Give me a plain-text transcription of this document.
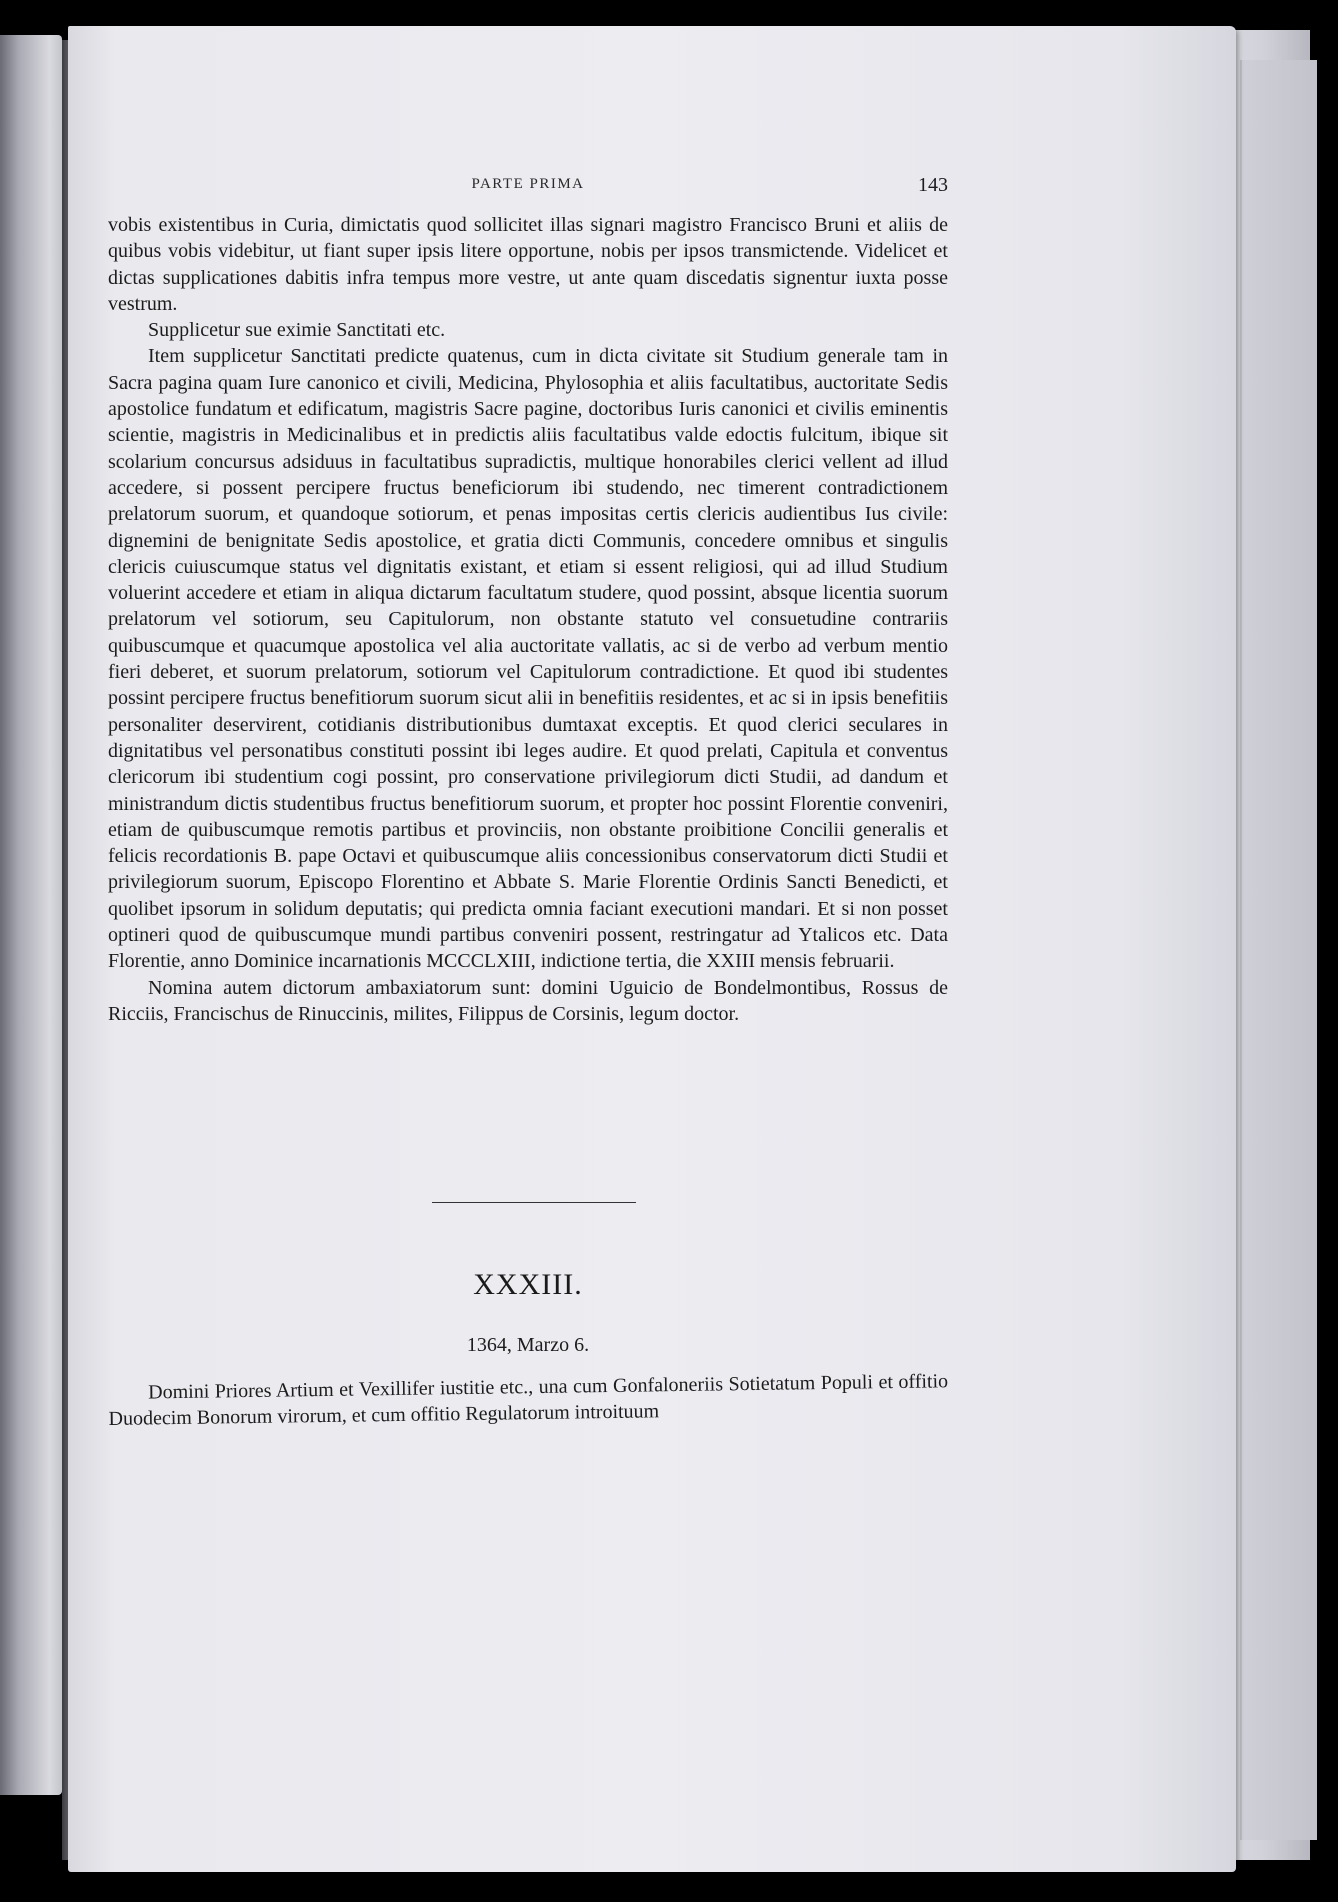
PARTE PRIMA	143

vobis existentibus in Curia, dimictatis quod sollicitet illas signari magistro Francisco Bruni et aliis de quibus vobis videbitur, ut fiant super ipsis litere opportune, nobis per ipsos transmictende. Videlicet et dictas supplicationes dabitis infra tempus more vestre, ut ante quam discedatis signentur iuxta posse vestrum.

Supplicetur sue eximie Sanctitati etc.

Item supplicetur Sanctitati predicte quatenus, cum in dicta civitate sit Studium generale tam in Sacra pagina quam Iure canonico et civili, Medicina, Phylosophia et aliis facultatibus, auctoritate Sedis apostolice fundatum et edificatum, magistris Sacre pagine, doctoribus Iuris canonici et civilis eminentis scientie, magistris in Medicinalibus et in predictis aliis facultatibus valde edoctis fulcitum, ibique sit scolarium concursus adsiduus in facultatibus supradictis, multique honorabiles clerici vellent ad illud accedere, si possent percipere fructus beneficiorum ibi studendo, nec timerent contradictionem prelatorum suorum, et quandoque sotiorum, et penas impositas certis clericis audientibus Ius civile: dignemini de benignitate Sedis apostolice, et gratia dicti Communis, concedere omnibus et singulis clericis cuiuscumque status vel dignitatis existant, et etiam si essent religiosi, qui ad illud Studium voluerint accedere et etiam in aliqua dictarum facultatum studere, quod possint, absque licentia suorum prelatorum vel sotiorum, seu Capitulorum, non obstante statuto vel consuetudine contrariis quibuscumque et quacumque apostolica vel alia auctoritate vallatis, ac si de verbo ad verbum mentio fieri deberet, et suorum prelatorum, sotiorum vel Capitulorum contradictione. Et quod ibi studentes possint percipere fructus benefitiorum suorum sicut alii in benefitiis residentes, et ac si in ipsis benefitiis personaliter deservirent, cotidianis distributionibus dumtaxat exceptis. Et quod clerici seculares in dignitatibus vel personatibus constituti possint ibi leges audire. Et quod prelati, Capitula et conventus clericorum ibi studentium cogi possint, pro conservatione privilegiorum dicti Studii, ad dandum et ministrandum dictis studentibus fructus benefitiorum suorum, et propter hoc possint Florentie conveniri, etiam de quibuscumque remotis partibus et provinciis, non obstante proibitione Concilii generalis et felicis recordationis B. pape Octavi et quibuscumque aliis concessionibus conservatorum dicti Studii et privilegiorum suorum, Episcopo Florentino et Abbate S. Marie Florentie Ordinis Sancti Benedicti, et quolibet ipsorum in solidum deputatis; qui predicta omnia faciant executioni mandari. Et si non posset optineri quod de quibuscumque mundi partibus conveniri possent, restringatur ad Ytalicos etc. Data Florentie, anno Dominice incarnationis MCCCLXIII, indictione tertia, die XXIII mensis februarii.

Nomina autem dictorum ambaxiatorum sunt: domini Uguicio de Bondelmontibus, Rossus de Ricciis, Francischus de Rinuccinis, milites, Filippus de Corsinis, legum doctor.

XXXIII.
1364, Marzo 6.

Domini Priores Artium et Vexillifer iustitie etc., una cum Gonfaloneriis Sotietatum Populi et offitio Duodecim Bonorum virorum, et cum offitio Regulatorum introituum
